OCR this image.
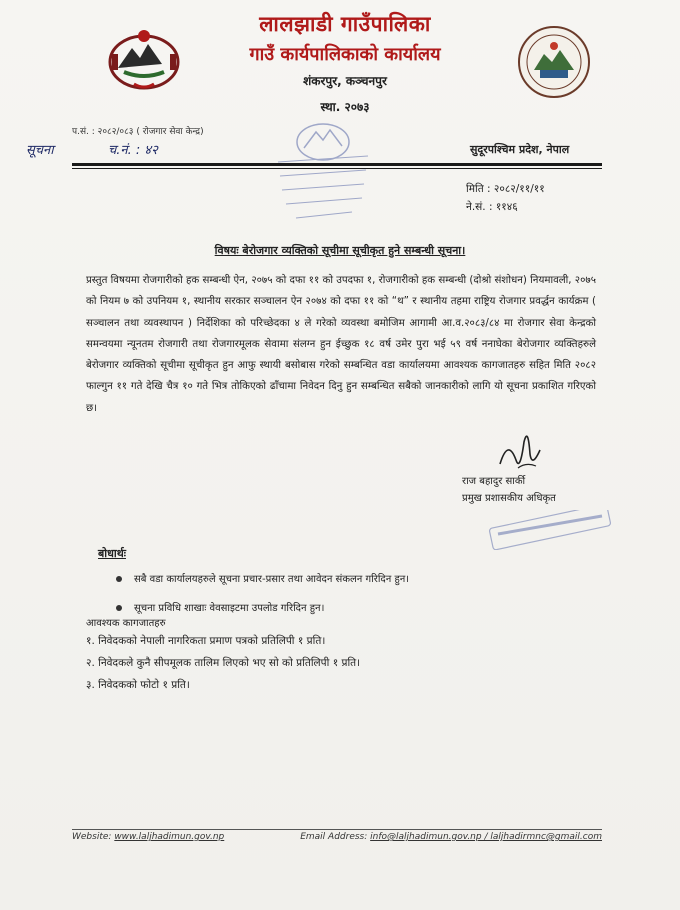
लालझाडी गाउँपालिका
गाउँ कार्यपालिकाको कार्यालय
शंकरपुर, कञ्चनपुर
स्था. २०७३
प.सं. : २०८२/०८३ ( रोजगार सेवा केन्द्र)
सूचना	च.नं. : ४२	सुदूरपश्चिम प्रदेश, नेपाल
मिति : २०८२/११/११
ने.सं. : ११४६
विषयः बेरोजगार व्यक्तिको सूचीमा सूचीकृत हुने सम्बन्धी सूचना।
प्रस्तुत विषयमा रोजगारीको हक सम्बन्धी ऐन, २०७५ को दफा ११ को उपदफा १, रोजगारीको हक सम्बन्धी (दोश्रो संशोधन) नियमावली, २०७५ को नियम ७ को उपनियम १, स्थानीय सरकार सञ्चालन ऐन २०७४ को दफा ११ को “थ” र स्थानीय तहमा राष्ट्रिय रोजगार प्रवर्द्धन कार्यक्रम ( सञ्चालन तथा व्यवस्थापन ) निर्देशिका को परिच्छेदका ४ ले गरेको व्यवस्था बमोजिम आगामी आ.व.२०८३/८४ मा रोजगार सेवा केन्द्रको समन्वयमा न्यूनतम रोजगारी तथा रोजगारमूलक सेवामा संलग्न हुन ईच्छुक १८ वर्ष उमेर पुरा भई ५९ वर्ष ननाघेका बेरोजगार व्यक्तिहरुले बेरोजगार व्यक्तिको सूचीमा सूचीकृत हुन आफु स्थायी बसोबास गरेको सम्बन्धित वडा कार्यालयमा आवश्यक कागजातहरु सहित मिति २०८२ फाल्गुन ११ गते देखि चैत्र १० गते भित्र तोकिएको ढाँचामा निवेदन दिनु हुन सम्बन्धित सबैको जानकारीको लागि यो सूचना प्रकाशित गरिएको छ।
राज बहादुर सार्की
प्रमुख प्रशासकीय अधिकृत
बोधार्थः
सबै वडा कार्यालयहरुले सूचना प्रचार-प्रसार तथा आवेदन संकलन गरिदिन हुन।
सूचना प्रविधि शाखाः वेवसाइटमा उपलोड गरिदिन हुन।
आवश्यक कागजातहरु
१. निवेदकको नेपाली नागरिकता प्रमाण पत्रको प्रतिलिपी १ प्रति।
२. निवेदकले कुनै सीपमूलक तालिम लिएको भए सो को प्रतिलिपी १ प्रति।
३. निवेदकको फोटो १ प्रति।
Website: www.laljhadimun.gov.np	Email Address: info@laljhadimun.gov.np / laljhadirmnc@gmail.com
